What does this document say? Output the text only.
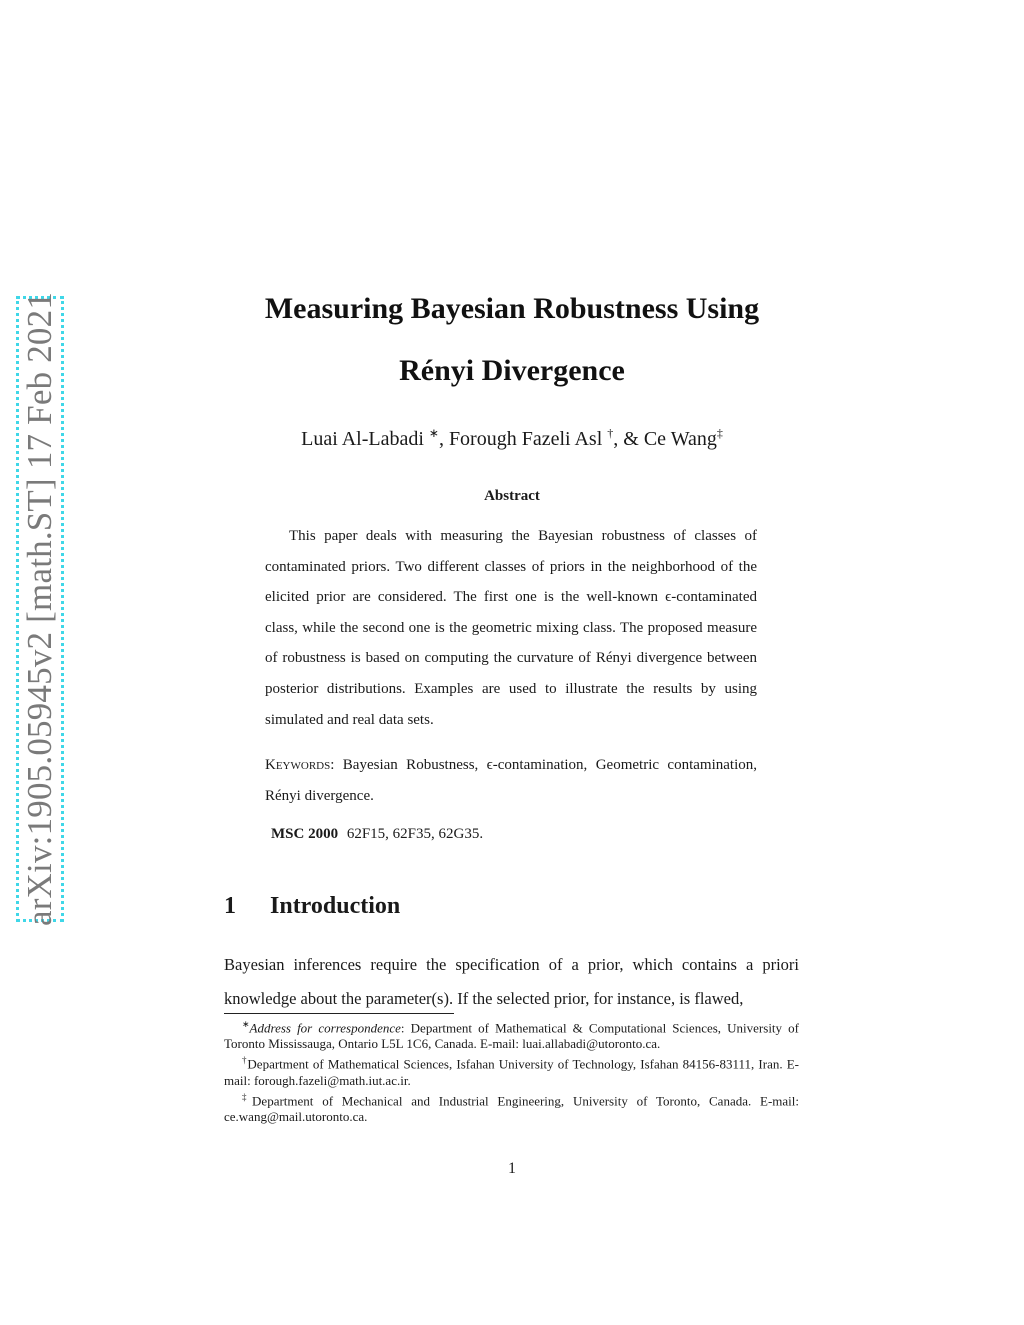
arXiv:1905.05945v2 [math.ST] 17 Feb 2021	Measuring Bayesian Robustness Using
Rényi Divergence
Luai Al-Labadi ∗, Forough Fazeli Asl †, & Ce Wang‡
Abstract
This paper deals with measuring the Bayesian robustness of classes of contaminated priors. Two different classes of priors in the neighborhood of the elicited prior are considered. The first one is the well-known ϵ-contaminated class, while the second one is the geometric mixing class. The proposed measure of robustness is based on computing the curvature of Rényi divergence between posterior distributions. Examples are used to illustrate the results by using simulated and real data sets.
Keywords: Bayesian Robustness, ϵ-contamination, Geometric contamination, Rényi divergence.
MSC 2000 62F15, 62F35, 62G35.
1 Introduction
Bayesian inferences require the specification of a prior, which contains a priori knowledge about the parameter(s). If the selected prior, for instance, is flawed,

∗Address for correspondence: Department of Mathematical & Computational Sciences, University of Toronto Mississauga, Ontario L5L 1C6, Canada. E-mail: luai.allabadi@utoronto.ca.

†Department of Mathematical Sciences, Isfahan University of Technology, Isfahan 84156-83111, Iran. E-mail: forough.fazeli@math.iut.ac.ir.

‡Department of Mechanical and Industrial Engineering, University of Toronto, Canada. E-mail: ce.wang@mail.utoronto.ca.

1
